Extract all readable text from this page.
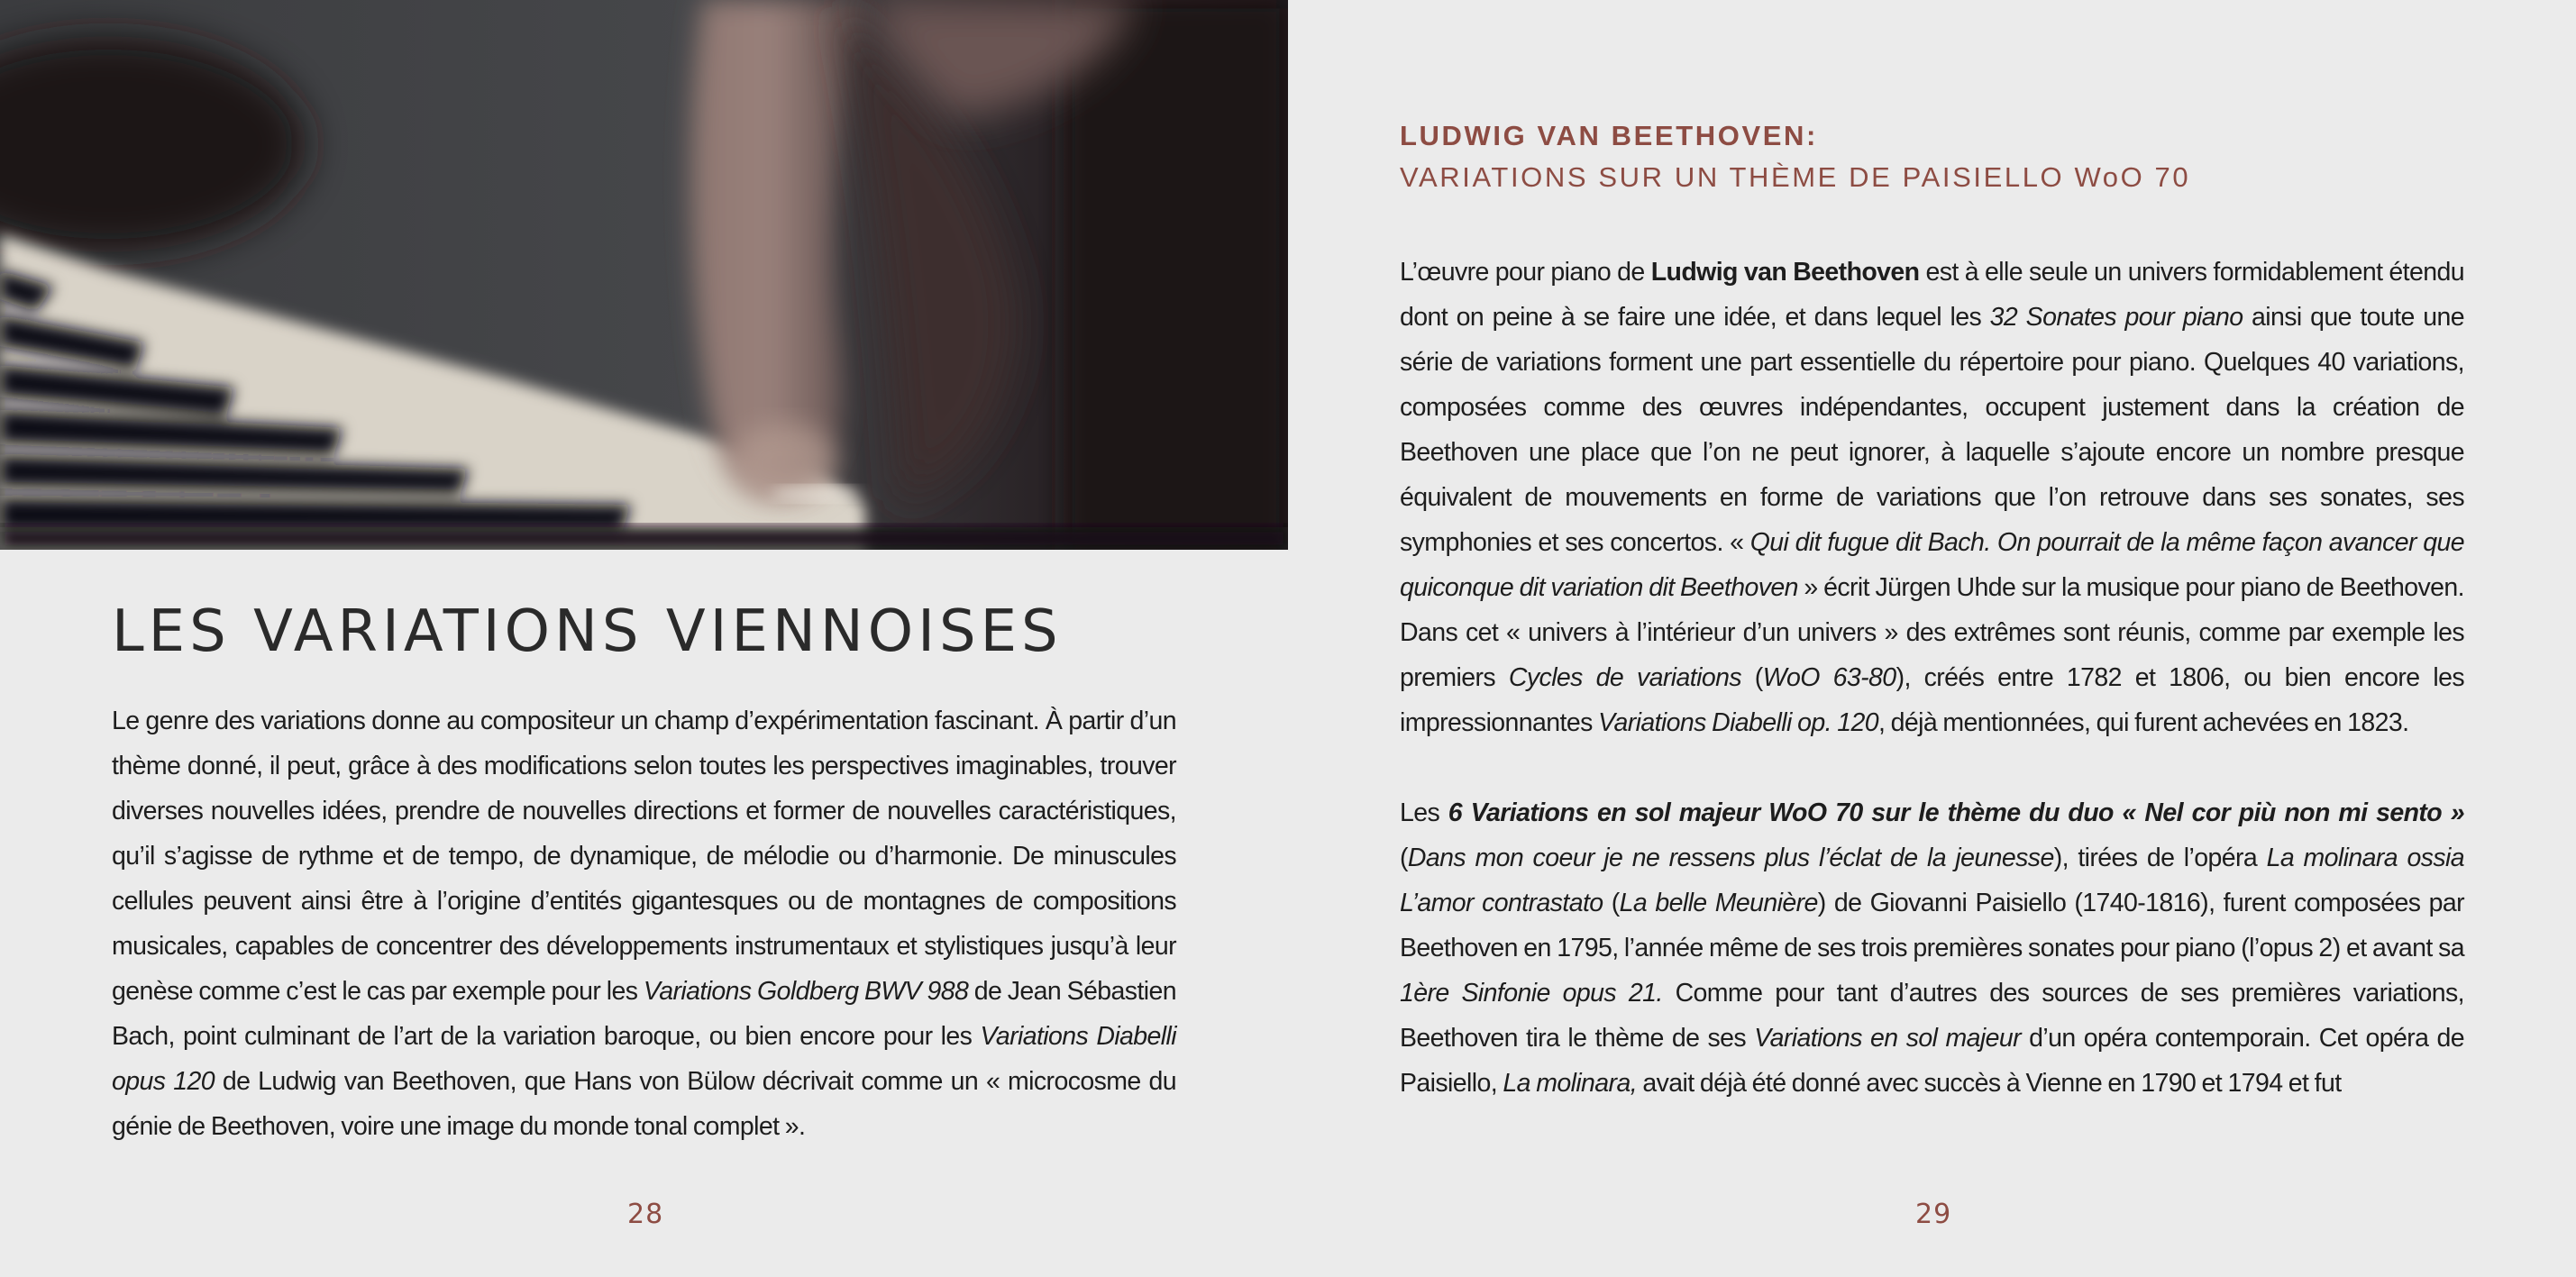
LES VARIATIONS VIENNOISES

Le genre des variations donne au compositeur un champ d’expérimentation fascinant. À partir d’un thème donné, il peut, grâce à des modifications selon toutes les perspectives imaginables, trouver diverses nouvelles idées, prendre de nouvelles directions et former de nouvelles caractéristiques, qu’il s’agisse de rythme et de tempo, de dynamique, de mélodie ou d’harmonie. De minuscules cellules peuvent ainsi être à l’origine d’entités gigantesques ou de montagnes de compositions musicales, capables de concentrer des développements instrumentaux et stylistiques jusqu’à leur genèse comme c’est le cas par exemple pour les Variations Goldberg BWV 988 de Jean Sébastien Bach, point culminant de l’art de la variation baroque, ou bien encore pour les Variations Diabelli opus 120 de Ludwig van Beethoven, que Hans von Bülow décrivait comme un « microcosme du génie de Beethoven, voire une image du monde tonal complet ».

28
LUDWIG VAN BEETHOVEN:
VARIATIONS SUR UN THÈME DE PAISIELLO WoO 70

L’œuvre pour piano de Ludwig van Beethoven est à elle seule un univers formidablement étendu dont on peine à se faire une idée, et dans lequel les 32 Sonates pour piano ainsi que toute une série de variations forment une part essentielle du répertoire pour piano. Quelques 40 variations, composées comme des œuvres indépendantes, occupent justement dans la création de Beethoven une place que l’on ne peut ignorer, à laquelle s’ajoute encore un nombre presque équivalent de mouvements en forme de variations que l’on retrouve dans ses sonates, ses symphonies et ses concertos. « Qui dit fugue dit Bach. On pourrait de la même façon avancer que quiconque dit variation dit Beethoven » écrit Jürgen Uhde sur la musique pour piano de Beethoven. Dans cet « univers à l’intérieur d’un univers » des extrêmes sont réunis, comme par exemple les premiers Cycles de variations (WoO 63-80), créés entre 1782 et 1806, ou bien encore les impressionnantes Variations Diabelli op. 120, déjà mentionnées, qui furent achevées en 1823.

Les 6 Variations en sol majeur WoO 70 sur le thème du duo « Nel cor più non mi sento » (Dans mon coeur je ne ressens plus l’éclat de la jeunesse), tirées de l’opéra La molinara ossia L’amor contrastato (La belle Meunière) de Giovanni Paisiello (1740-1816), furent composées par Beethoven en 1795, l’année même de ses trois premières sonates pour piano (l’opus 2) et avant sa 1ère Sinfonie opus 21. Comme pour tant d’autres des sources de ses premières variations, Beethoven tira le thème de ses Variations en sol majeur d’un opéra contemporain. Cet opéra de Paisiello, La molinara, avait déjà été donné avec succès à Vienne en 1790 et 1794 et fut

29
